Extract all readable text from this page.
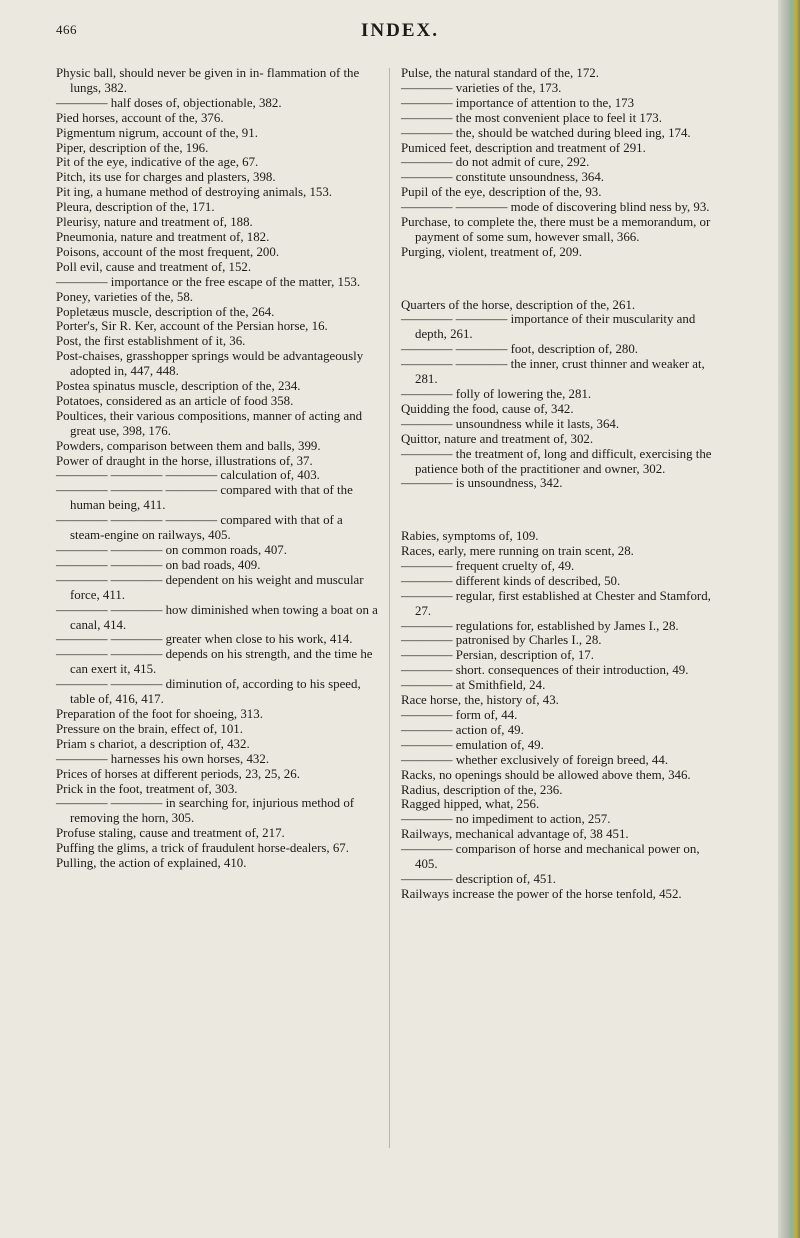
466	INDEX.

Physic ball, should never be given in in- flammation of the lungs, 382.

———— half doses of, objectionable, 382.

Pied horses, account of the, 376.

Pigmentum nigrum, account of the, 91.

Piper, description of the, 196.

Pit of the eye, indicative of the age, 67.

Pitch, its use for charges and plasters, 398.

Pit ing, a humane method of destroying animals, 153.

Pleura, description of the, 171.

Pleurisy, nature and treatment of, 188.

Pneumonia, nature and treatment of, 182.

Poisons, account of the most frequent, 200.

Poll evil, cause and treatment of, 152.

———— importance or the free escape of the matter, 153.

Poney, varieties of the, 58.

Popletæus muscle, description of the, 264.

Porter's, Sir R. Ker, account of the Persian horse, 16.

Post, the first establishment of it, 36.

Post-chaises, grasshopper springs would be advantageously adopted in, 447, 448.

Postea spinatus muscle, description of the, 234.

Potatoes, considered as an article of food 358.

Poultices, their various compositions, manner of acting and great use, 398, 176.

Powders, comparison between them and balls, 399.

Power of draught in the horse, illustrations of, 37.

———— ———— ———— calculation of, 403.

———— ———— ———— compared with that of the human being, 411.

———— ———— ———— compared with that of a steam-engine on railways, 405.

———— ———— on common roads, 407.

———— ———— on bad roads, 409.

———— ———— dependent on his weight and muscular force, 411.

———— ———— how diminished when towing a boat on a canal, 414.

———— ———— greater when close to his work, 414.

———— ———— depends on his strength, and the time he can exert it, 415.

———— ———— diminution of, according to his speed, table of, 416, 417.

Preparation of the foot for shoeing, 313.

Pressure on the brain, effect of, 101.

Priam s chariot, a description of, 432.

———— harnesses his own horses, 432.

Prices of horses at different periods, 23, 25, 26.

Prick in the foot, treatment of, 303.

———— ———— in searching for, injurious method of removing the horn, 305.

Profuse staling, cause and treatment of, 217.

Puffing the glims, a trick of fraudulent horse-dealers, 67.

Pulling, the action of explained, 410.

Pulse, the natural standard of the, 172.

———— varieties of the, 173.

———— importance of attention to the, 173

———— the most convenient place to feel it 173.

———— the, should be watched during bleed ing, 174.

Pumiced feet, description and treatment of 291.

———— do not admit of cure, 292.

———— constitute unsoundness, 364.

Pupil of the eye, description of the, 93.

———— ———— mode of discovering blind ness by, 93.

Purchase, to complete the, there must be a memorandum, or payment of some sum, however small, 366.

Purging, violent, treatment of, 209.

Quarters of the horse, description of the, 261.

———— ———— importance of their muscularity and depth, 261.

———— ———— foot, description of, 280.

———— ———— the inner, crust thinner and weaker at, 281.

———— folly of lowering the, 281.

Quidding the food, cause of, 342.

———— unsoundness while it lasts, 364.

Quittor, nature and treatment of, 302.

———— the treatment of, long and difficult, exercising the patience both of the practitioner and owner, 302.

———— is unsoundness, 342.

Rabies, symptoms of, 109.

Races, early, mere running on train scent, 28.

———— frequent cruelty of, 49.

———— different kinds of described, 50.

———— regular, first established at Chester and Stamford, 27.

———— regulations for, established by James I., 28.

———— patronised by Charles I., 28.

———— Persian, description of, 17.

———— short. consequences of their introduction, 49.

———— at Smithfield, 24.

Race horse, the, history of, 43.

———— form of, 44.

———— action of, 49.

———— emulation of, 49.

———— whether exclusively of foreign breed, 44.

Racks, no openings should be allowed above them, 346.

Radius, description of the, 236.

Ragged hipped, what, 256.

———— no impediment to action, 257.

Railways, mechanical advantage of, 38 451.

———— comparison of horse and mechanical power on, 405.

———— description of, 451.

Railways increase the power of the horse tenfold, 452.
